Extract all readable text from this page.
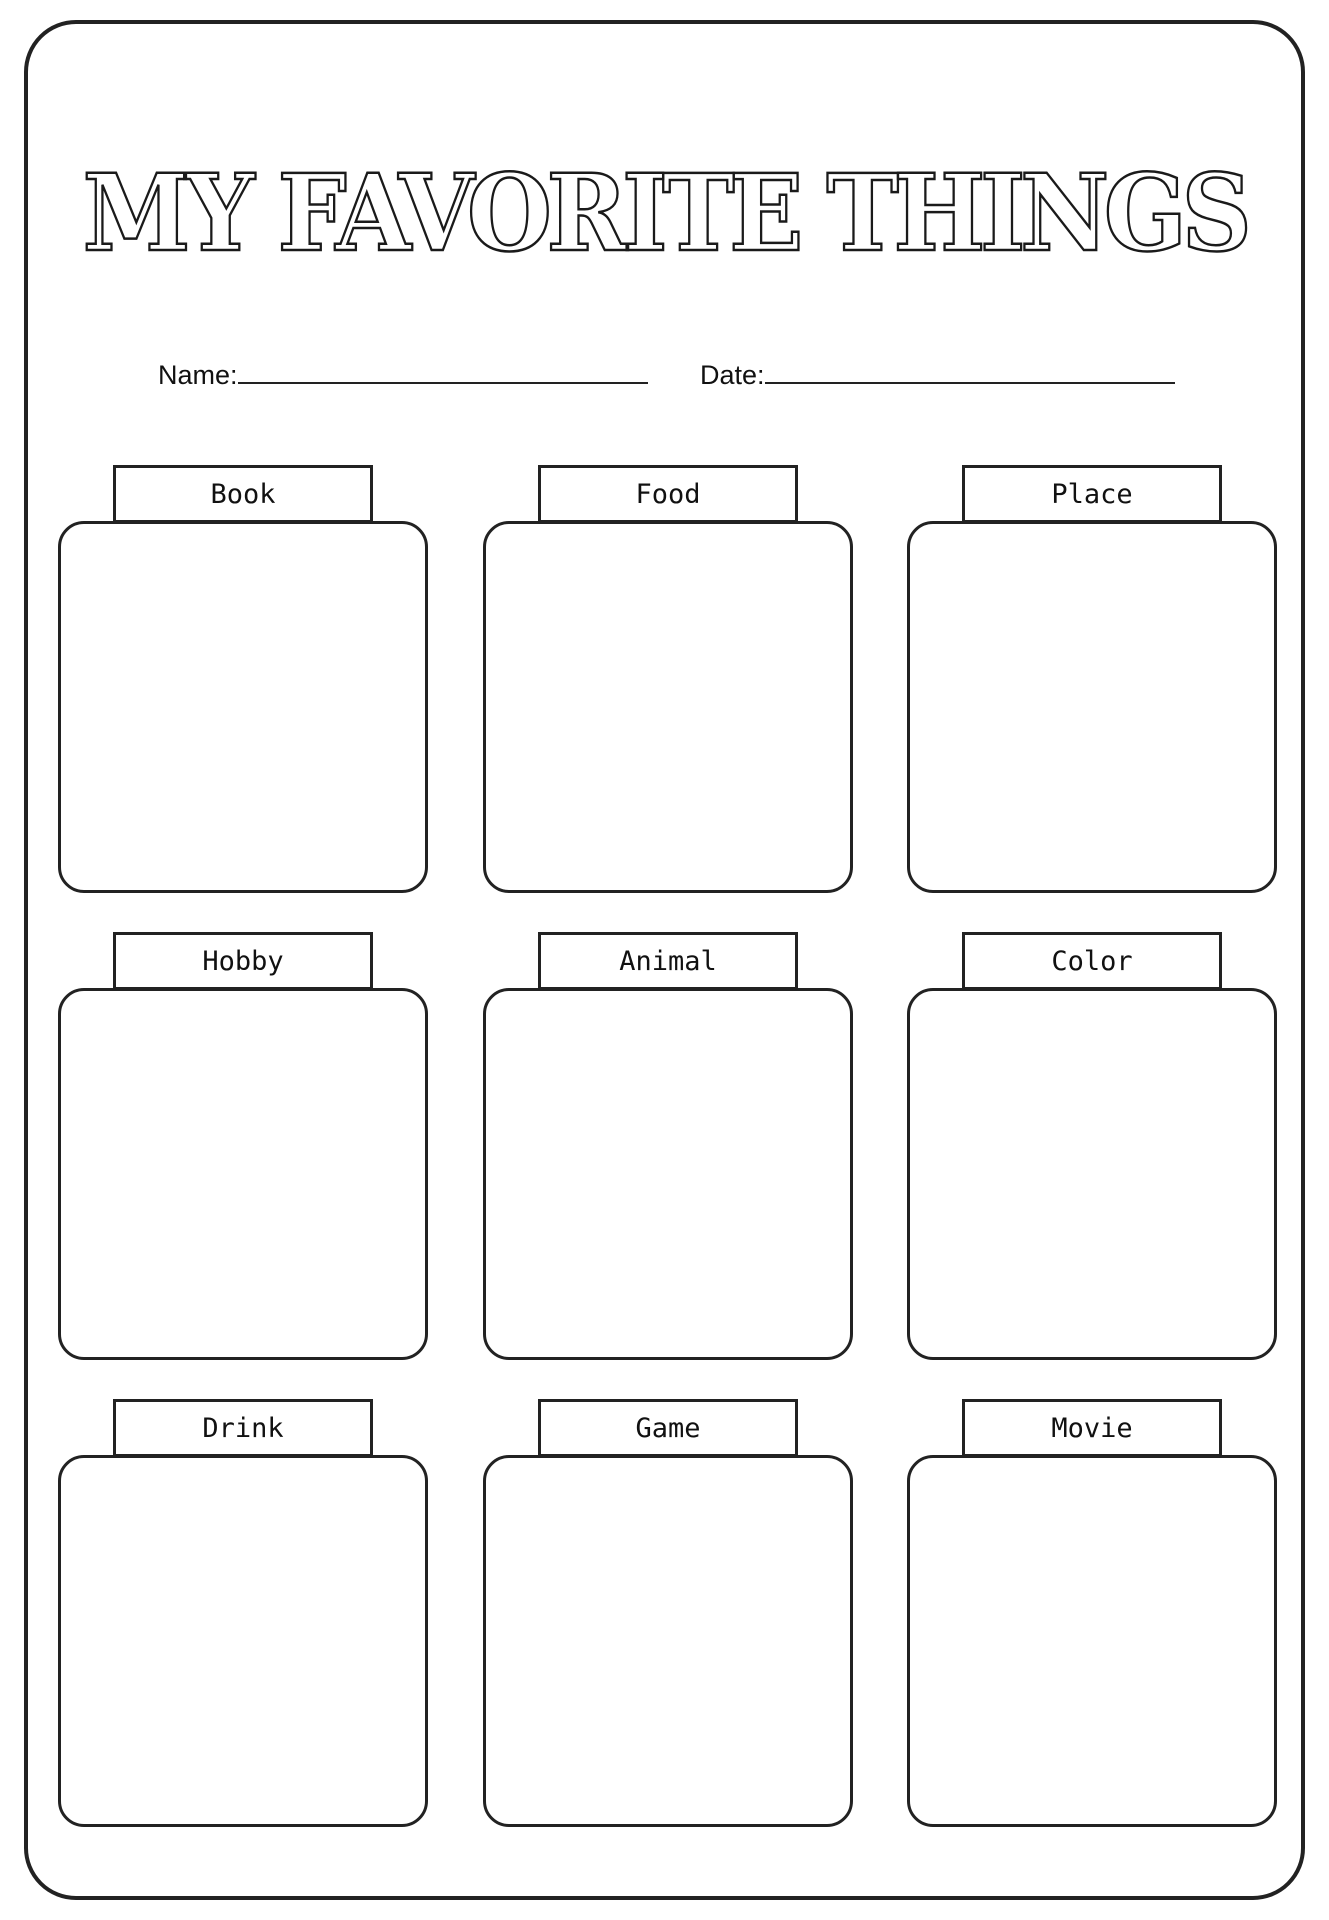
MY FAVORITE THINGS
Name:	Date:
Book	Food	Place
Hobby	Animal	Color
Drink	Game	Movie
